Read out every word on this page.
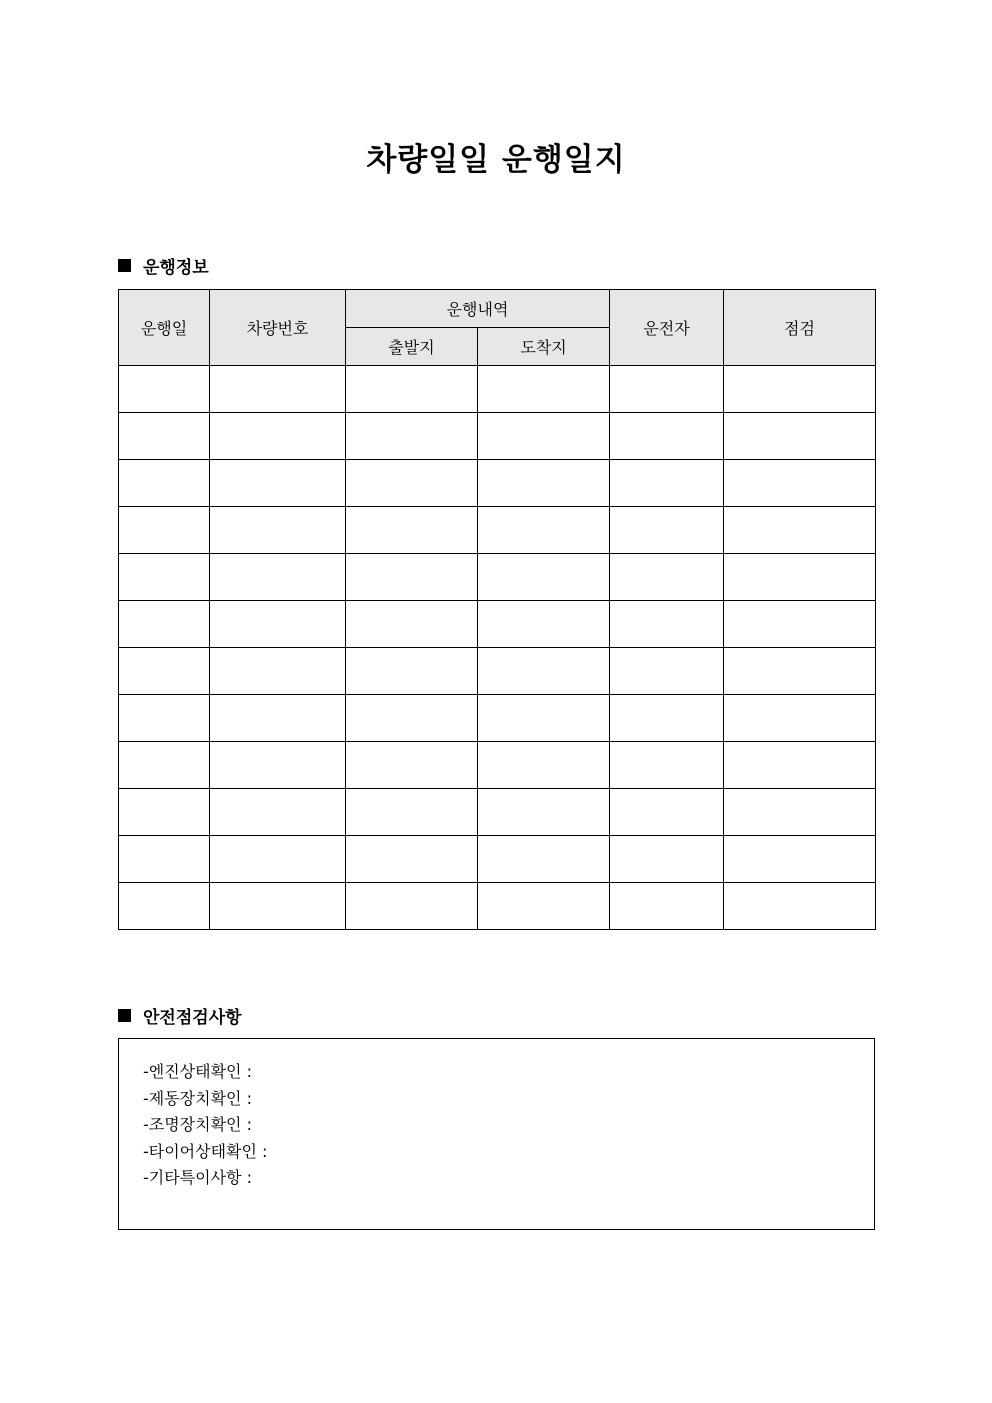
차량일일 운행일지
운행정보
운행일	차량번호	운행내역		운전자	점검
		출발지	도착지		

안전점검사항
-엔진상태확인 :
-제동장치확인 :
-조명장치확인 :
-타이어상태확인 :
-기타특이사항 :
